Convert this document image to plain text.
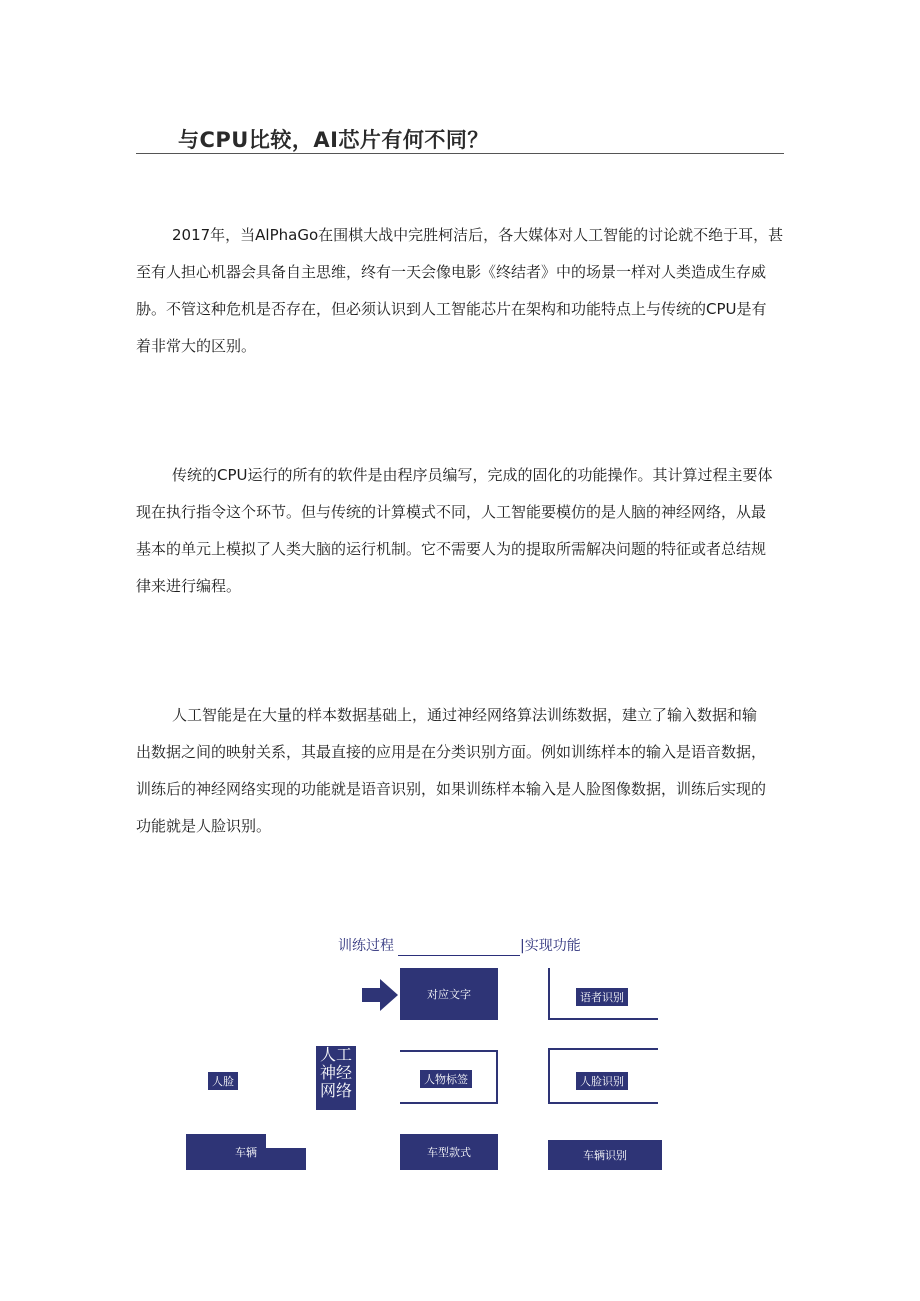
与CPU比较，AI芯片有何不同？
2017年，当AlPhaGo在围棋大战中完胜柯洁后，各大媒体对人工智能的讨论就不绝于耳，甚
至有人担心机器会具备自主思维，终有一天会像电影《终结者》中的场景一样对人类造成生存威
胁。不管这种危机是否存在，但必须认识到人工智能芯片在架构和功能特点上与传统的CPU是有
着非常大的区别。
传统的CPU运行的所有的软件是由程序员编写，完成的固化的功能操作。其计算过程主要体
现在执行指令这个环节。但与传统的计算模式不同，人工智能要模仿的是人脑的神经网络，从最
基本的单元上模拟了人类大脑的运行机制。它不需要人为的提取所需解决问题的特征或者总结规
律来进行编程。
人工智能是在大量的样本数据基础上，通过神经网络算法训练数据，建立了输入数据和输
出数据之间的映射关系，其最直接的应用是在分类识别方面。例如训练样本的输入是语音数据，
训练后的神经网络实现的功能就是语音识别，如果训练样本输入是人脸图像数据，训练后实现的
功能就是人脸识别。
训练过程	|实现功能
人脸
车辆
人工
神经
网络
对应文字
人物标签
车型款式
语者识别
人脸识别
车辆识别
